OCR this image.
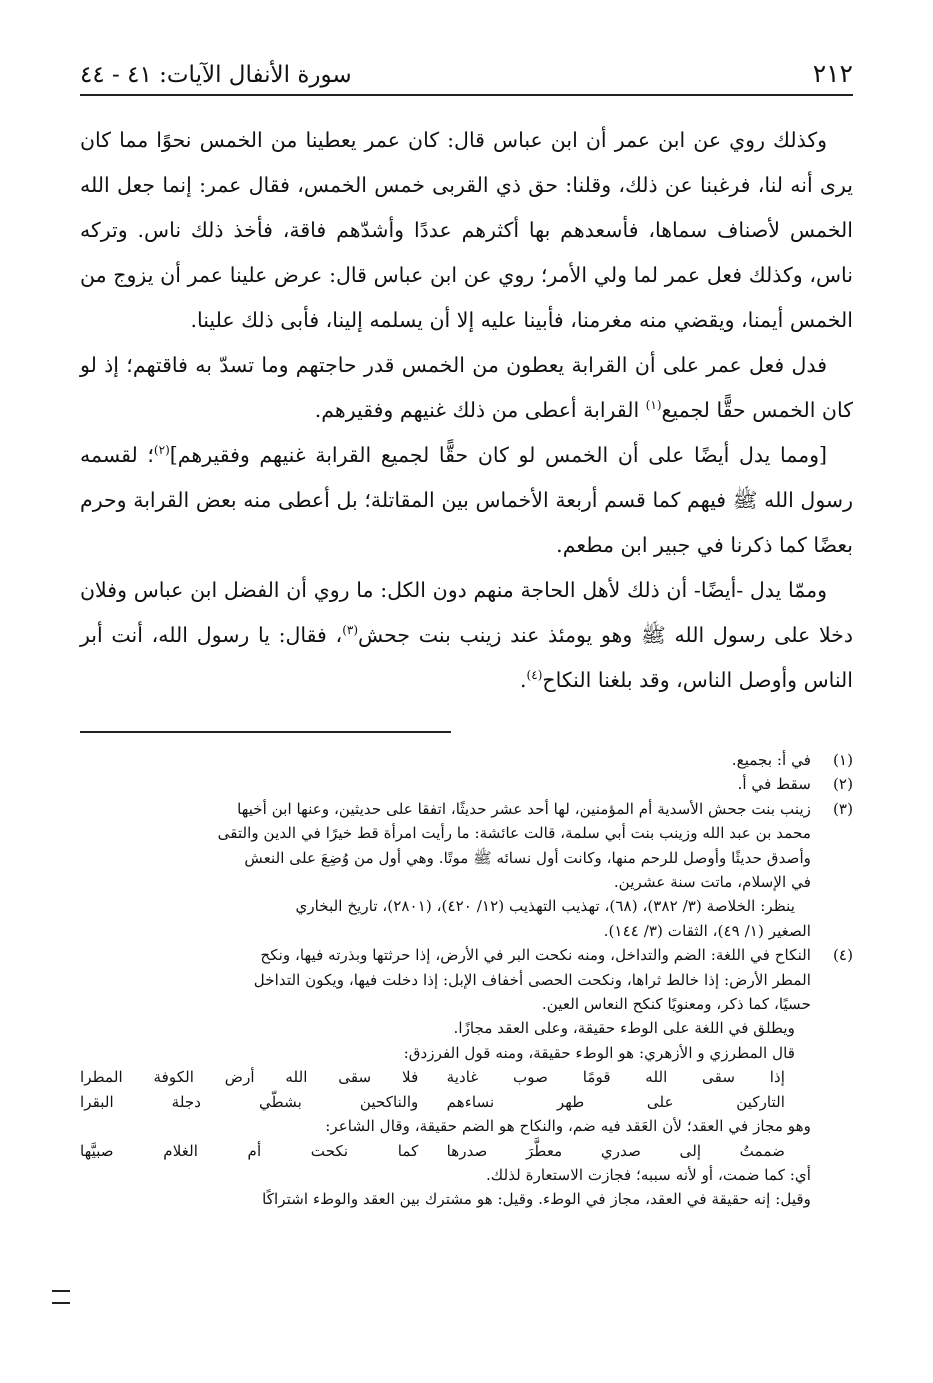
٢١٢
سورة الأنفال الآيات: ٤١ - ٤٤

وكذلك روي عن ابن عمر أن ابن عباس قال: كان عمر يعطينا من الخمس نحوًا مما كان يرى أنه لنا، فرغبنا عن ذلك، وقلنا: حق ذي القربى خمس الخمس، فقال عمر: إنما جعل الله الخمس لأصناف سماها، فأسعدهم بها أكثرهم عددًا وأشدّهم فاقة، فأخذ ذلك ناس. وتركه ناس، وكذلك فعل عمر لما ولي الأمر؛ روي عن ابن عباس قال: عرض علينا عمر أن يزوج من الخمس أيمنا، ويقضي منه مغرمنا، فأبينا عليه إلا أن يسلمه إلينا، فأبى ذلك علينا.

فدل فعل عمر على أن القرابة يعطون من الخمس قدر حاجتهم وما تسدّ به فاقتهم؛ إذ لو كان الخمس حقًّا لجميع$^{(١)}$ القرابة أعطى من ذلك غنيهم وفقيرهم.

[ومما يدل أيضًا على أن الخمس لو كان حقًّا لجميع القرابة غنيهم وفقيرهم]$^{(٢)}$؛ لقسمه رسول الله ﷺ فيهم كما قسم أربعة الأخماس بين المقاتلة؛ بل أعطى منه بعض القرابة وحرم بعضًا كما ذكرنا في جبير ابن مطعم.

وممّا يدل -أيضًا- أن ذلك لأهل الحاجة منهم دون الكل: ما روي أن الفضل ابن عباس وفلان دخلا على رسول الله ﷺ وهو يومئذ عند زينب بنت جحش$^{(٣)}$، فقال: يا رسول الله، أنت أبر الناس وأوصل الناس، وقد بلغنا النكاح$^{(٤)}$.

(١)
في أ: بجميع.
(٢)
سقط في أ.
(٣)
زينب بنت جحش الأسدية أم المؤمنين، لها أحد عشر حديثًا، اتفقا على حديثين، وعنها ابن أخيها
محمد بن عبد الله وزينب بنت أبي سلمة، قالت عائشة: ما رأيت امرأة قط خيرًا في الدين والتقى
وأصدق حديثًا وأوصل للرحم منها، وكانت أول نسائه ﷺ موتًا. وهي أول من وُضِعَ على النعش
في الإسلام، ماتت سنة عشرين.
ينظر: الخلاصة (٣/ ٣٨٢)، (٦٨)، تهذيب التهذيب (١٢/ ٤٢٠)، (٢٨٠١)، تاريخ البخاري
الصغير (١/ ٤٩)، الثقات (٣/ ١٤٤).
(٤)
النكاح في اللغة: الضم والتداخل، ومنه نكحت البر في الأرض، إذا حرثتها وبذرته فيها، ونكح
المطر الأرض: إذا خالط ثراها، ونكحت الحصى أخفاف الإبل: إذا دخلت فيها، ويكون التداخل
حسيًا، كما ذكر، ومعنويًا كنكح النعاس العين.
ويطلق في اللغة على الوطء حقيقة، وعلى العقد مجازًا.
قال المطرزي و الأزهري: هو الوطء حقيقة، ومنه قول الفرزدق:
إذا سقى الله قومًا صوب غادية
فلا سقى الله أرض الكوفة المطرا
التاركين على طهر نساءهم
والناكحين بشطّي دجلة البقرا
وهو مجاز في العقد؛ لأن العَقد فيه ضم، والنكاح هو الضم حقيقة، وقال الشاعر:
ضممتُ إلى صدري معطَّرَ صدرها
كما نكحت أم الغلام صبيَّها
أي: كما ضمت، أو لأنه سببه؛ فجازت الاستعارة لذلك.
وقيل: إنه حقيقة في العقد، مجاز في الوطء. وقيل: هو مشترك بين العقد والوطء اشتراكًا
